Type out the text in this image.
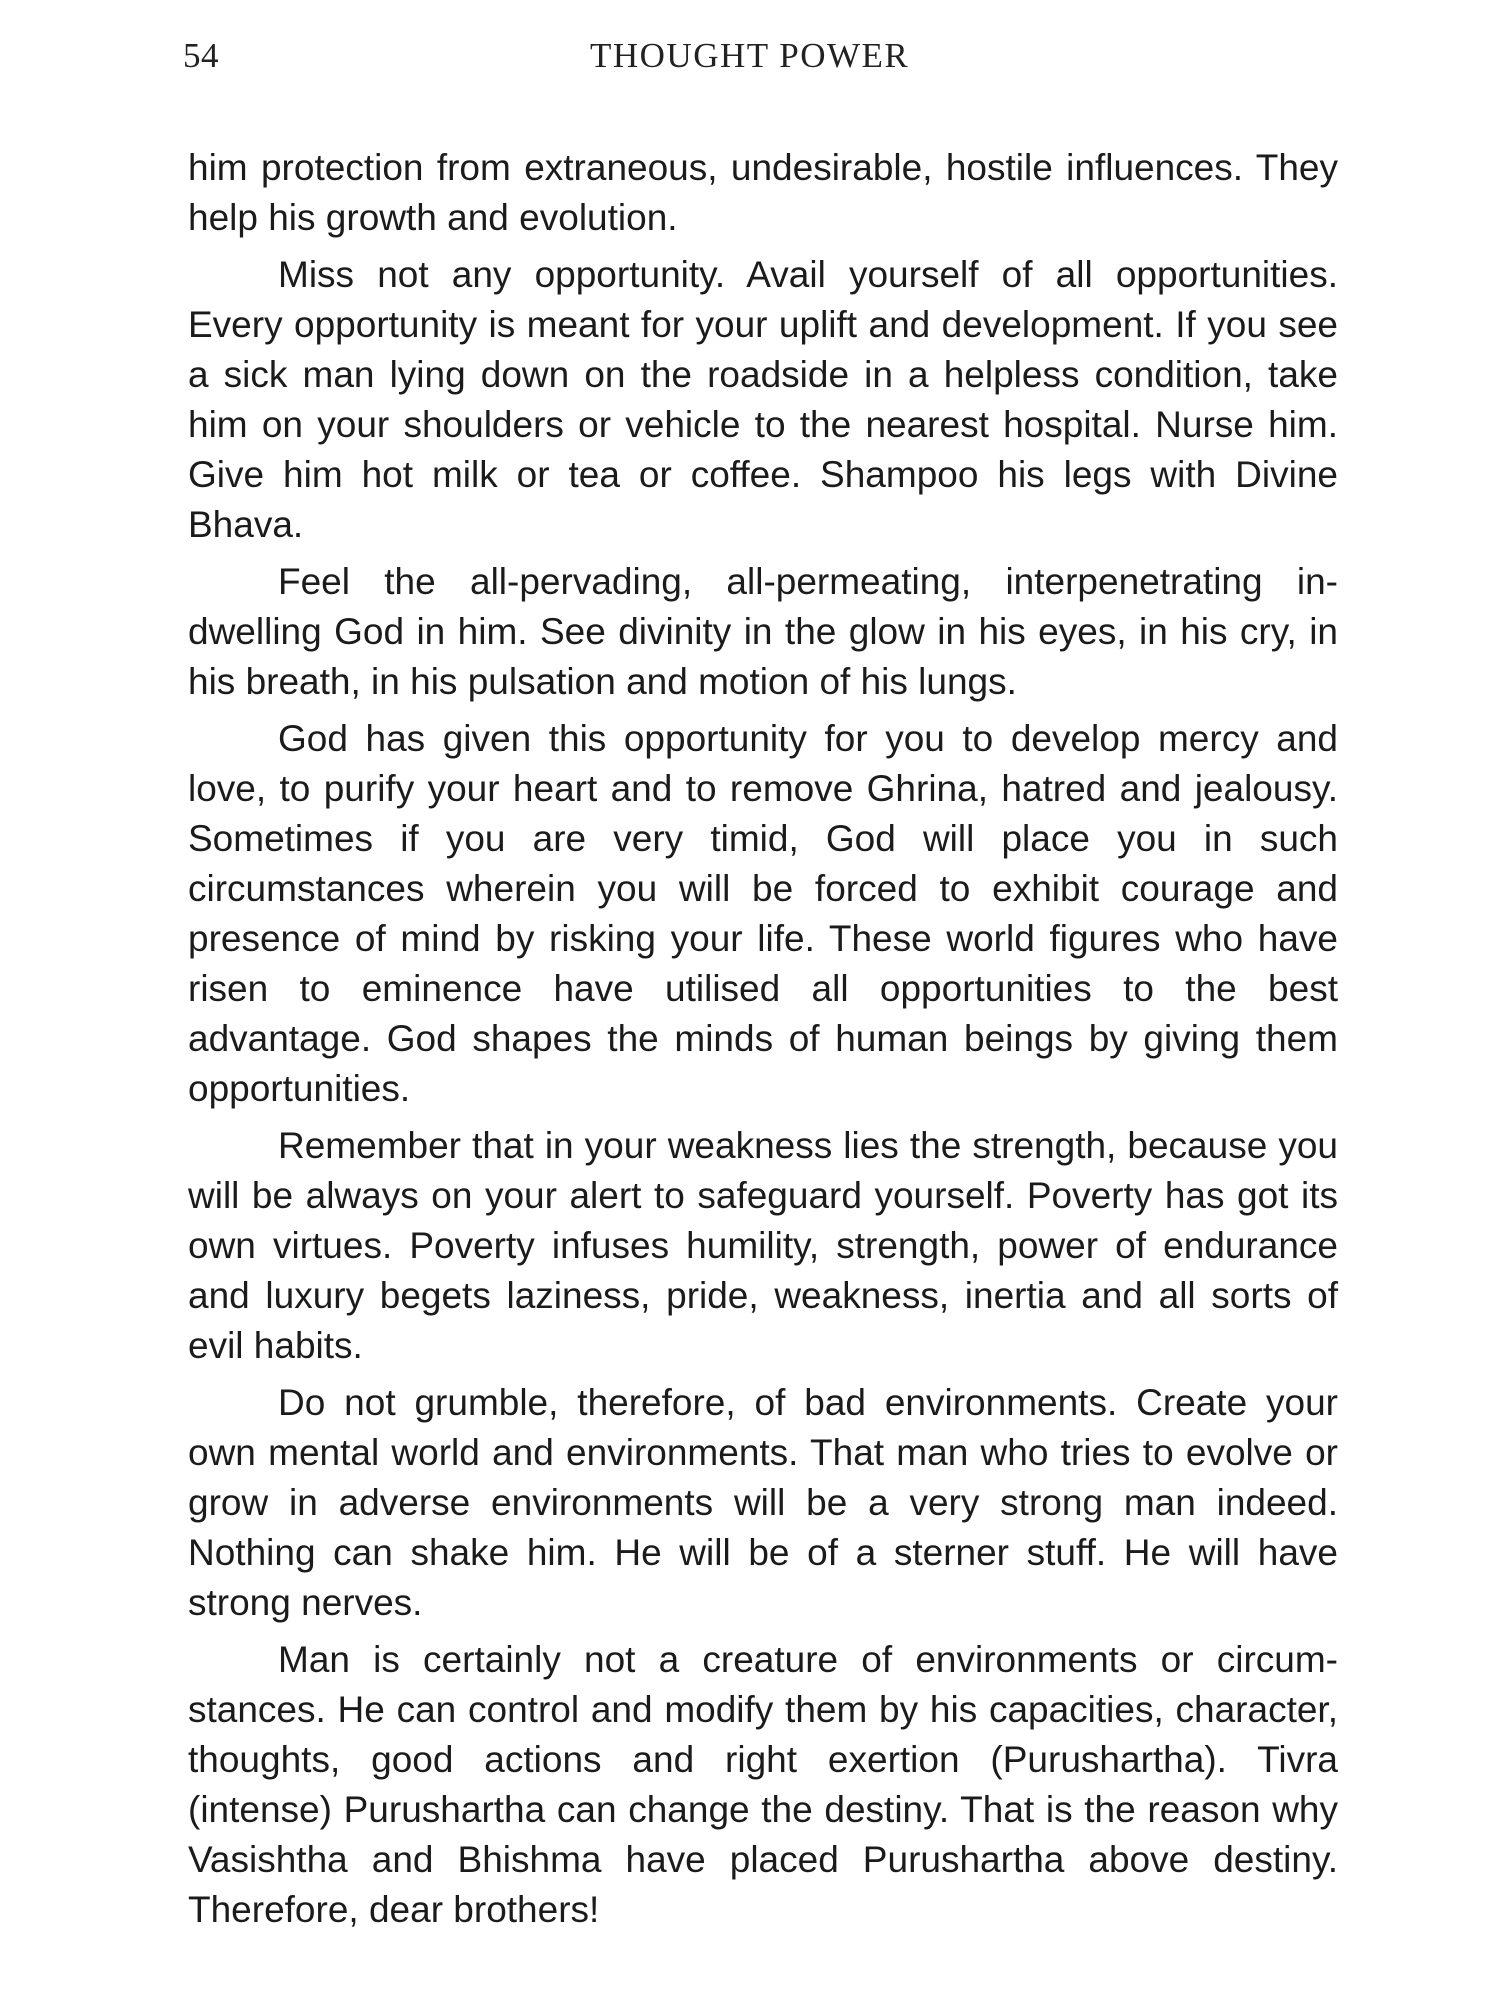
54	THOUGHT POWER

him protection from extraneous, undesirable, hostile influences. They help his growth and evolution.

Miss not any opportunity. Avail yourself of all opportunities. Every opportunity is meant for your uplift and development. If you see a sick man lying down on the roadside in a helpless condition, take him on your shoulders or vehicle to the nearest hospital. Nurse him. Give him hot milk or tea or coffee. Shampoo his legs with Divine Bhava.

Feel the all-pervading, all-permeating, interpenetrating indwelling God in him. See divinity in the glow in his eyes, in his cry, in his breath, in his pulsation and motion of his lungs.

God has given this opportunity for you to develop mercy and love, to purify your heart and to remove Ghrina, hatred and jealousy. Sometimes if you are very timid, God will place you in such circumstances wherein you will be forced to exhibit courage and presence of mind by risking your life. These world figures who have risen to eminence have utilised all opportunities to the best advantage. God shapes the minds of human beings by giving them opportunities.

Remember that in your weakness lies the strength, because you will be always on your alert to safeguard yourself. Poverty has got its own virtues. Poverty infuses humility, strength, power of endurance and luxury begets laziness, pride, weakness, inertia and all sorts of evil habits.

Do not grumble, therefore, of bad environments. Create your own mental world and environments. That man who tries to evolve or grow in adverse environments will be a very strong man indeed. Nothing can shake him. He will be of a sterner stuff. He will have strong nerves.

Man is certainly not a creature of environments or circumstances. He can control and modify them by his capacities, character, thoughts, good actions and right exertion (Purushartha). Tivra (intense) Purushartha can change the destiny. That is the reason why Vasishtha and Bhishma have placed Purushartha above destiny. Therefore, dear brothers!
